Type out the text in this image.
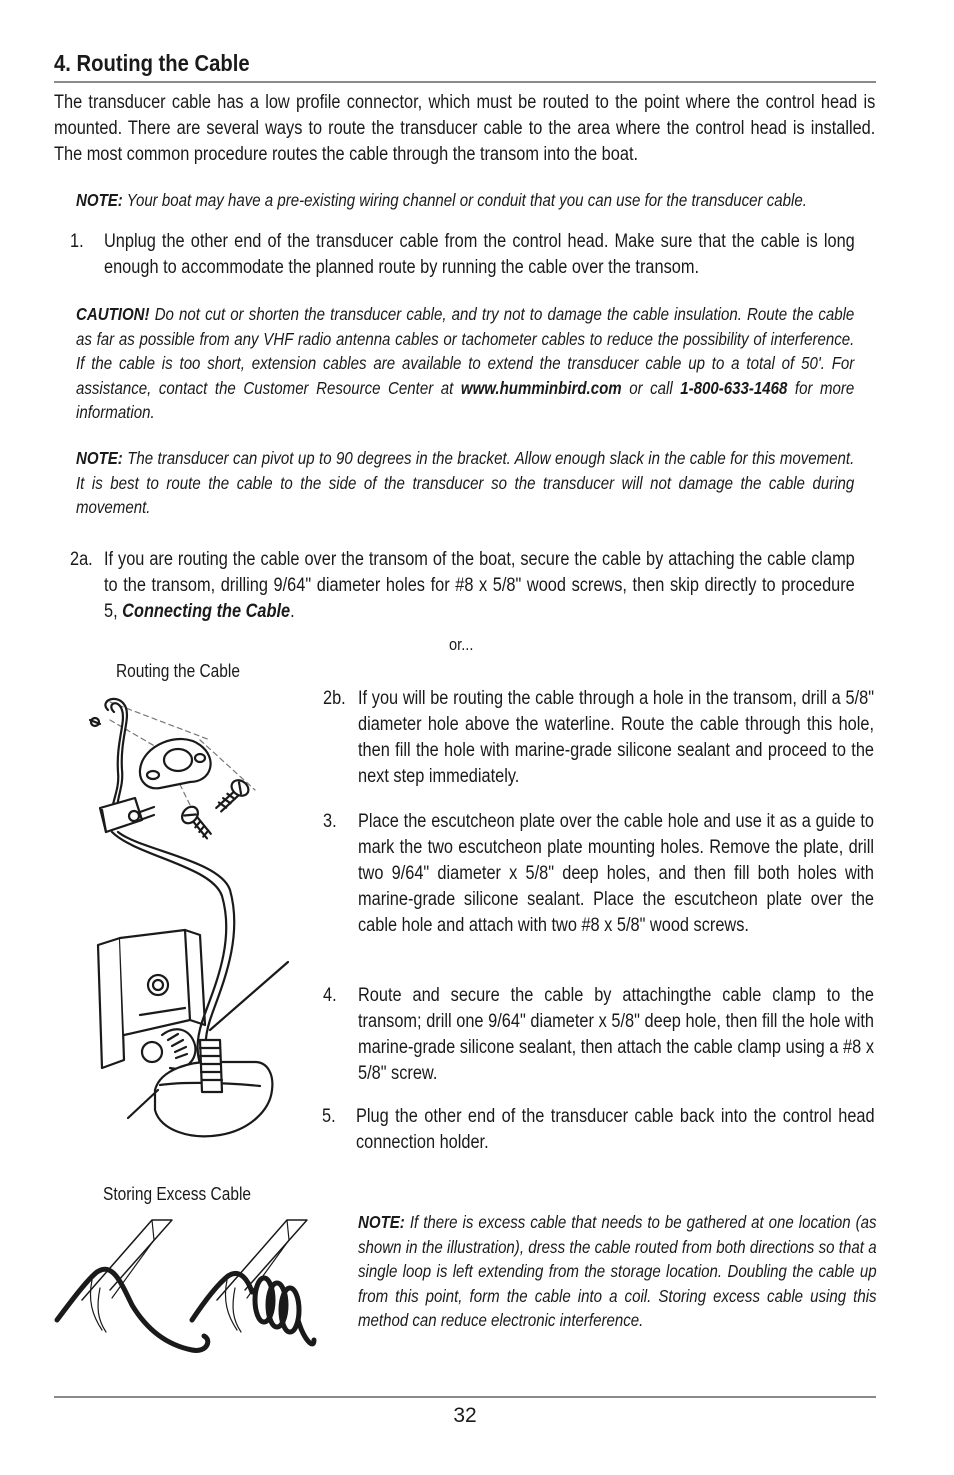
4. Routing the Cable
The transducer cable has a low profile connector, which must be routed to the point where the control head is mounted. There are several ways to route the transducer cable to the area where the control head is installed. The most common procedure routes the cable through the transom into the boat.
NOTE: Your boat may have a pre-existing wiring channel or conduit that you can use for the transducer cable.
1. Unplug the other end of the transducer cable from the control head. Make sure that the cable is long enough to accommodate the planned route by running the cable over the transom.
CAUTION! Do not cut or shorten the transducer cable, and try not to damage the cable insulation. Route the cable as far as possible from any VHF radio antenna cables or tachometer cables to reduce the possibility of interference. If the cable is too short, extension cables are available to extend the transducer cable up to a total of 50'. For assistance, contact the Customer Resource Center at www.humminbird.com or call 1-800-633-1468 for more information.
NOTE: The transducer can pivot up to 90 degrees in the bracket. Allow enough slack in the cable for this movement. It is best to route the cable to the side of the transducer so the transducer will not damage the cable during movement.
2a. If you are routing the cable over the transom of the boat, secure the cable by attaching the cable clamp to the transom, drilling 9/64" diameter holes for #8 x 5/8" wood screws, then skip directly to procedure 5, Connecting the Cable.
or...
Routing the Cable
2b. If you will be routing the cable through a hole in the transom, drill a 5/8" diameter hole above the waterline. Route the cable through this hole, then fill the hole with marine-grade silicone sealant and proceed to the next step immediately.
3. Place the escutcheon plate over the cable hole and use it as a guide to mark the two escutcheon plate mounting holes. Remove the plate, drill two 9/64" diameter x 5/8" deep holes, and then fill both holes with marine-grade silicone sealant. Place the escutcheon plate over the cable hole and attach with two #8 x 5/8" wood screws.
4. Route and secure the cable by attachingthe cable clamp to the transom; drill one 9/64" diameter x 5/8" deep hole, then fill the hole with marine-grade silicone sealant, then attach the cable clamp using a #8 x 5/8" screw.
5. Plug the other end of the transducer cable back into the control head connection holder.
Storing Excess Cable
NOTE: If there is excess cable that needs to be gathered at one location (as shown in the illustration), dress the cable routed from both directions so that a single loop is left extending from the storage location. Doubling the cable up from this point, form the cable into a coil. Storing excess cable using this method can reduce electronic interference.
32
